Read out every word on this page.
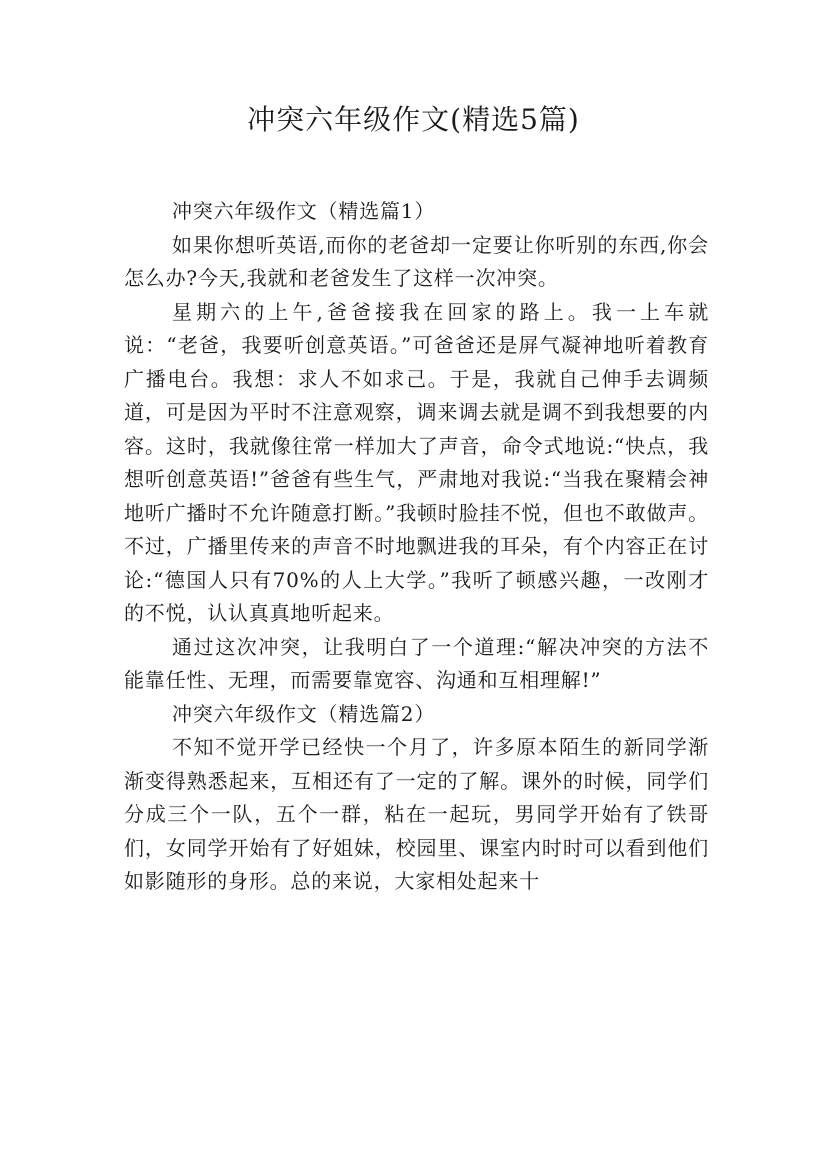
冲突六年级作文(精选5篇)

冲突六年级作文（精选篇1）

如果你想听英语,而你的老爸却一定要让你听别的东西,你会怎么办?今天,我就和老爸发生了这样一次冲突。

星期六的上午,爸爸接我在回家的路上。我一上车就说：“老爸，我要听创意英语。”可爸爸还是屏气凝神地听着教育广播电台。我想：求人不如求己。于是，我就自己伸手去调频道，可是因为平时不注意观察，调来调去就是调不到我想要的内容。这时，我就像往常一样加大了声音，命令式地说:“快点，我想听创意英语!”爸爸有些生气，严肃地对我说:“当我在聚精会神地听广播时不允许随意打断。”我顿时脸挂不悦，但也不敢做声。不过，广播里传来的声音不时地飘进我的耳朵，有个内容正在讨论:“德国人只有70%的人上大学。”我听了顿感兴趣，一改刚才的不悦，认认真真地听起来。

通过这次冲突，让我明白了一个道理:“解决冲突的方法不能靠任性、无理，而需要靠宽容、沟通和互相理解!”

冲突六年级作文（精选篇2）

不知不觉开学已经快一个月了，许多原本陌生的新同学渐渐变得熟悉起来，互相还有了一定的了解。课外的时候，同学们分成三个一队，五个一群，粘在一起玩，男同学开始有了铁哥们，女同学开始有了好姐妹，校园里、课室内时时可以看到他们如影随形的身形。总的来说，大家相处起来十
